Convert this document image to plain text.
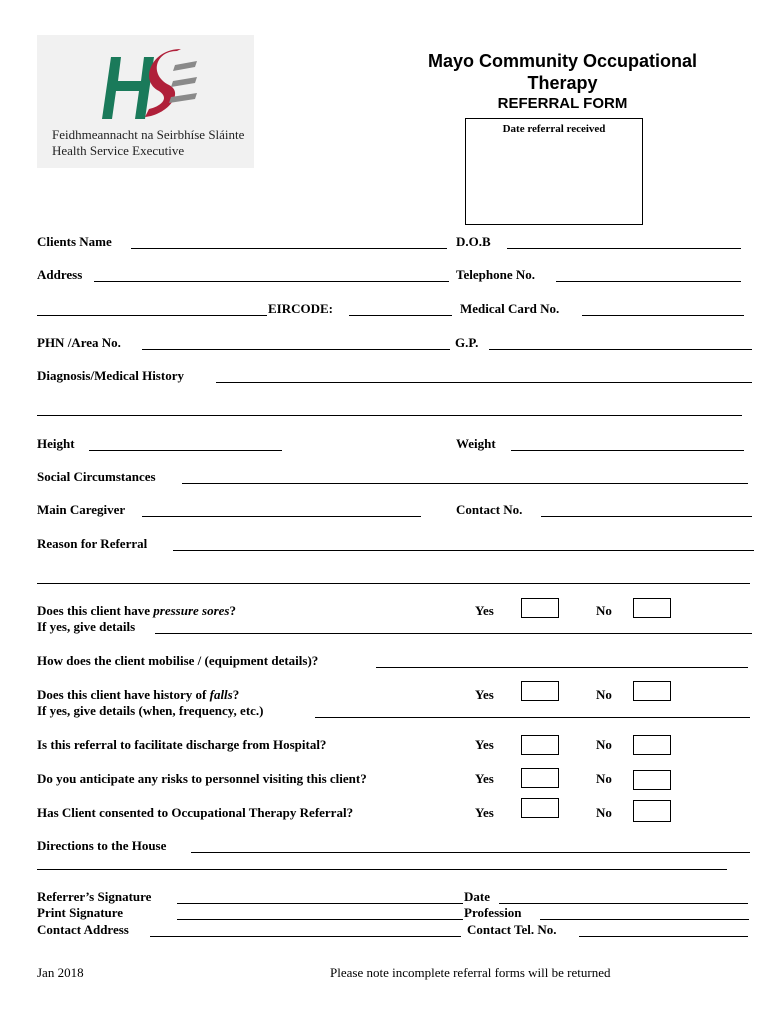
Feidhmeannacht na Seirbhíse Sláinte
Health Service Executive
Mayo Community Occupational
Therapy
REFERRAL FORM
Date referral received
Clients Name	D.O.B
Address	Telephone No.
EIRCODE:	Medical Card No.
PHN /Area No.	G.P.
Diagnosis/Medical History
Height	Weight
Social Circumstances
Main Caregiver	Contact No.
Reason for Referral
Does this client have pressure sores?	Yes	No
If yes, give details
How does the client mobilise / (equipment details)?
Does this client have history of falls?	Yes	No
If yes, give details (when, frequency, etc.)
Is this referral to facilitate discharge from Hospital?	Yes	No
Do you anticipate any risks to personnel visiting this client?	Yes	No
Has Client consented to Occupational Therapy Referral?	Yes	No
Directions to the House
Referrer’s Signature	Date
Print Signature	Profession
Contact Address	Contact Tel. No.
Jan 2018	Please note incomplete referral forms will be returned
